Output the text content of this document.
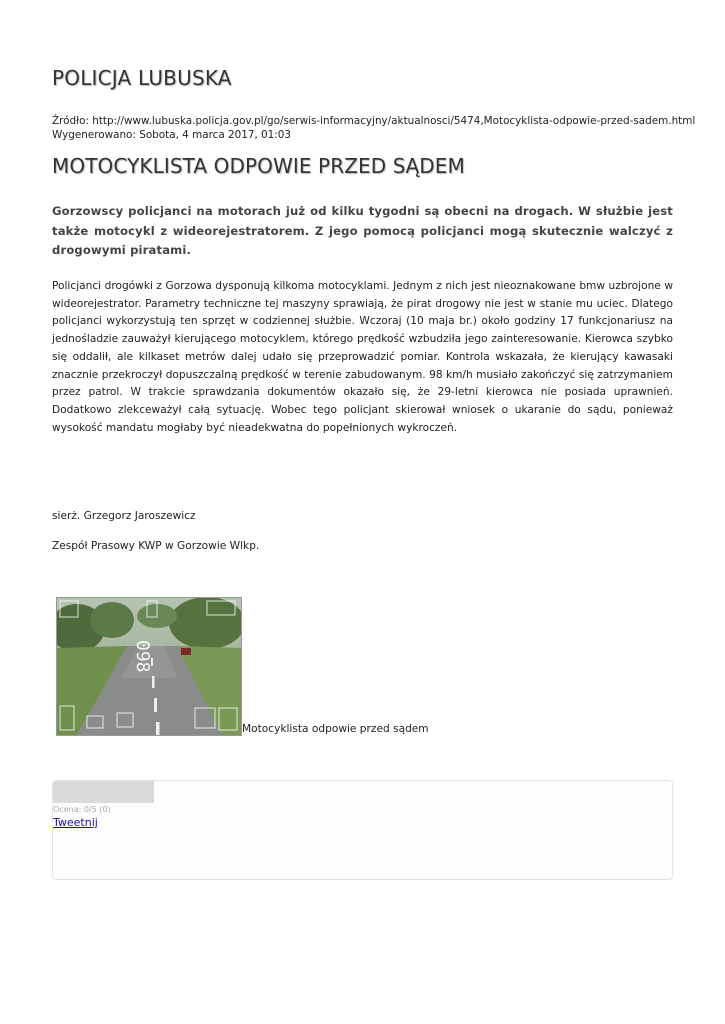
POLICJA LUBUSKA
Źródło: http://www.lubuska.policja.gov.pl/go/serwis-informacyjny/aktualnosci/5474,Motocyklista-odpowie-przed-sadem.html
Wygenerowano: Sobota, 4 marca 2017, 01:03
MOTOCYKLISTA ODPOWIE PRZED SĄDEM

Gorzowscy policjanci na motorach już od kilku tygodni są obecni na drogach. W służbie jest także motocykl z wideorejestratorem. Z jego pomocą policjanci mogą skutecznie walczyć z drogowymi piratami.

Policjanci drogówki z Gorzowa dysponują kilkoma motocyklami. Jednym z nich jest nieoznakowane bmw uzbrojone w wideorejestrator. Parametry techniczne tej maszyny sprawiają, że pirat drogowy nie jest w stanie mu uciec. Dlatego policjanci wykorzystują ten sprzęt w codziennej służbie. Wczoraj (10 maja br.) około godziny 17 funkcjonariusz na jednośladzie zauważył kierującego motocyklem, którego prędkość wzbudziła jego zainteresowanie. Kierowca szybko się oddalił, ale kilkaset metrów dalej udało się przeprowadzić pomiar. Kontrola wskazała, że kierujący kawasaki znacznie przekroczył dopuszczalną prędkość w terenie zabudowanym. 98 km/h musiało zakończyć się zatrzymaniem przez patrol. W trakcie sprawdzania dokumentów okazało się, że 29-letni kierowca nie posiada uprawnień. Dodatkowo zlekceważył całą sytuację. Wobec tego policjant skierował wniosek o ukaranie do sądu, ponieważ wysokość mandatu mogłaby być nieadekwatna do popełnionych wykroczeń.

sierż. Grzegorz Jaroszewicz
Zespół Prasowy KWP w Gorzowie Wlkp.
098
Motocyklista odpowie przed sądem
Ocena: 0/5 (0)
Tweetnij
